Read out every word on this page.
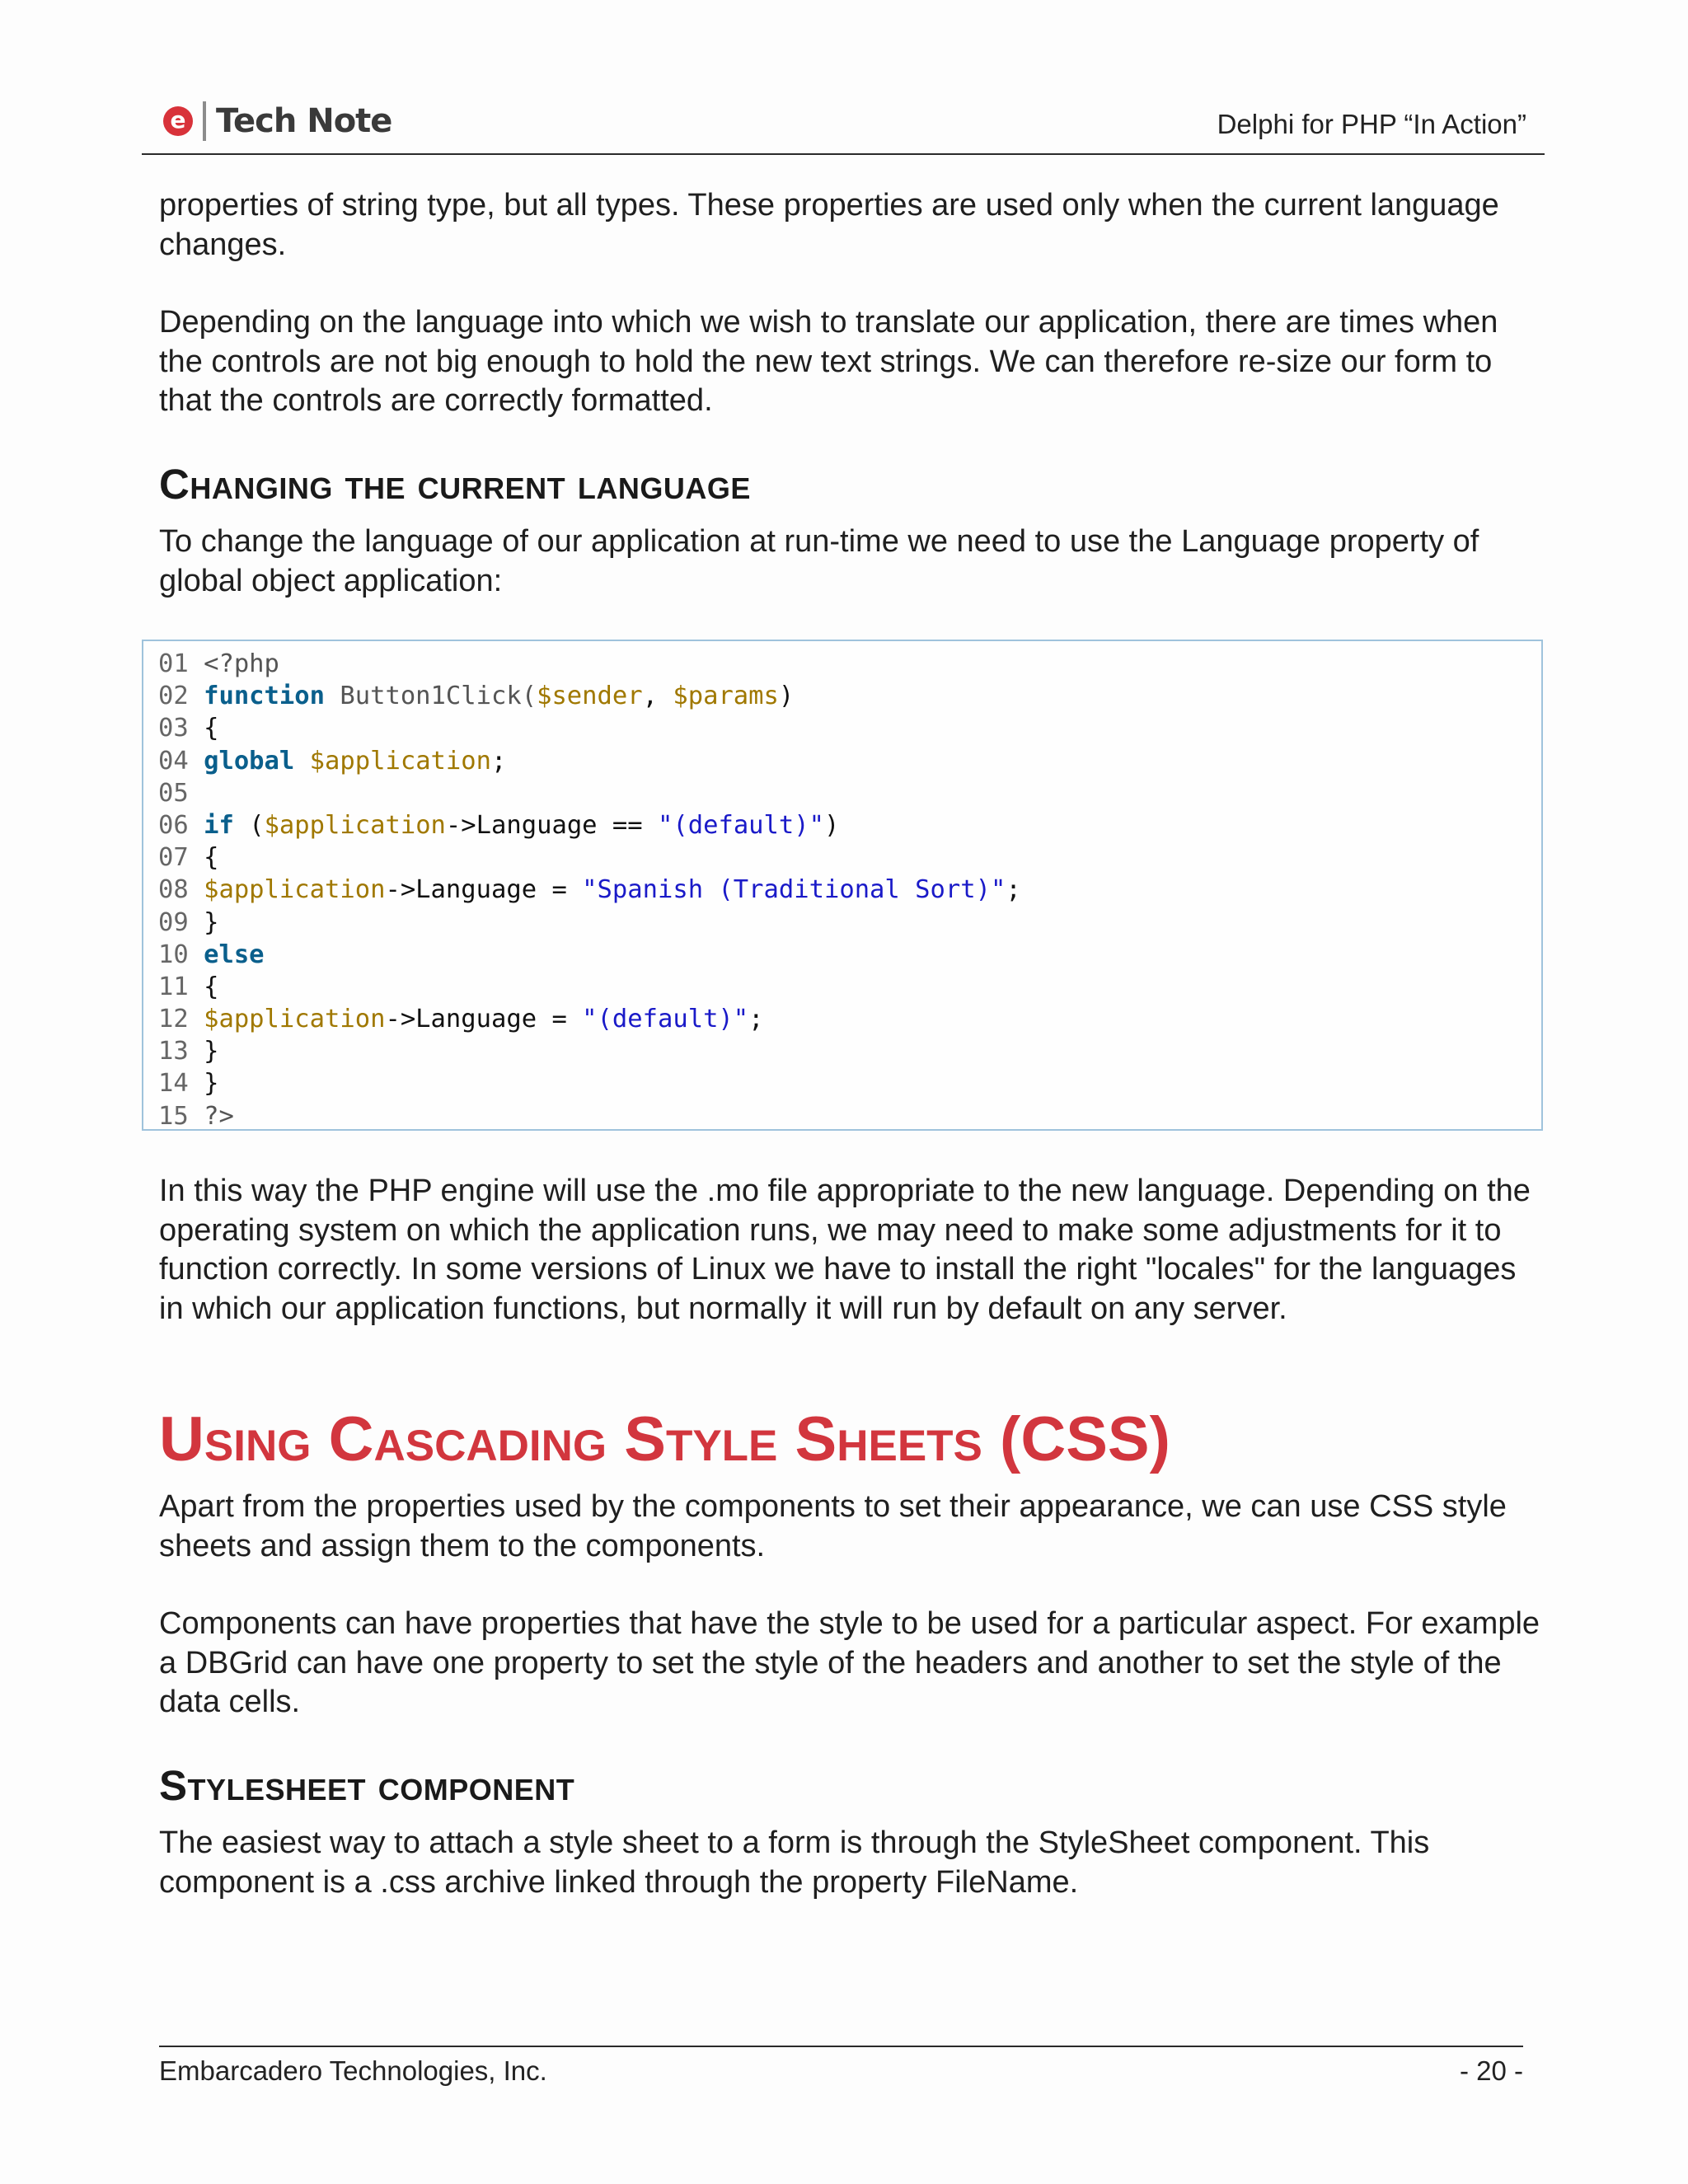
e Tech Note	Delphi for PHP “In Action”

properties of string type, but all types. These properties are used only when the current language changes.

Depending on the language into which we wish to translate our application, there are times when the controls are not big enough to hold the new text strings. We can therefore re-size our form to that the controls are correctly formatted.

Changing the current language

To change the language of our application at run-time we need to use the Language property of global object application:

01 <?php
02 function Button1Click($sender, $params)
03 {
04 global $application;
05
06 if ($application->Language == "(default)")
07 {
08 $application->Language = "Spanish (Traditional Sort)";
09 }
10 else
11 {
12 $application->Language = "(default)";
13 }
14 }
15 ?>

In this way the PHP engine will use the .mo file appropriate to the new language. Depending on the operating system on which the application runs, we may need to make some adjustments for it to function correctly. In some versions of Linux we have to install the right "locales" for the languages in which our application functions, but normally it will run by default on any server.

Using Cascading Style Sheets (CSS)

Apart from the properties used by the components to set their appearance, we can use CSS style sheets and assign them to the components.

Components can have properties that have the style to be used for a particular aspect. For example a DBGrid can have one property to set the style of the headers and another to set the style of the data cells.

Stylesheet component

The easiest way to attach a style sheet to a form is through the StyleSheet component. This component is a .css archive linked through the property FileName.

Embarcadero Technologies, Inc.	- 20 -
